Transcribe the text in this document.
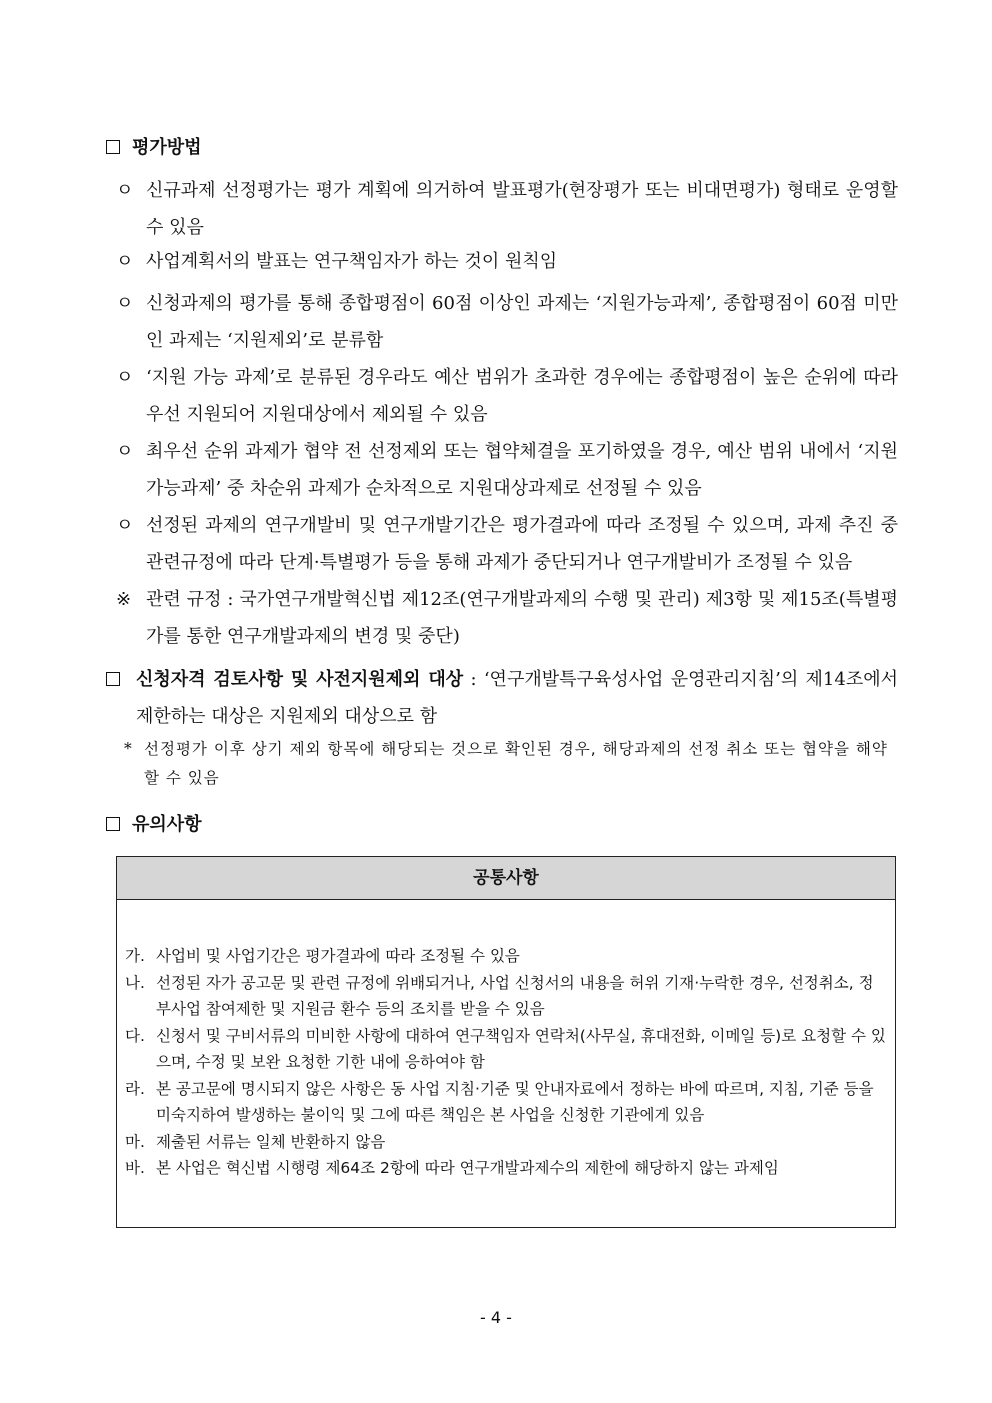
평가방법
ㅇ 신규과제 선정평가는 평가 계획에 의거하여 발표평가(현장평가 또는 비대면평가) 형태로 운영할 수 있음
ㅇ 사업계획서의 발표는 연구책임자가 하는 것이 원칙임
ㅇ 신청과제의 평가를 통해 종합평점이 60점 이상인 과제는 ‘지원가능과제’, 종합평점이 60점 미만인 과제는 ‘지원제외’로 분류함
ㅇ ‘지원 가능 과제’로 분류된 경우라도 예산 범위가 초과한 경우에는 종합평점이 높은 순위에 따라 우선 지원되어 지원대상에서 제외될 수 있음
ㅇ 최우선 순위 과제가 협약 전 선정제외 또는 협약체결을 포기하였을 경우, 예산 범위 내에서 ‘지원가능과제’ 중 차순위 과제가 순차적으로 지원대상과제로 선정될 수 있음
ㅇ 선정된 과제의 연구개발비 및 연구개발기간은 평가결과에 따라 조정될 수 있으며, 과제 추진 중 관련규정에 따라 단계·특별평가 등을 통해 과제가 중단되거나 연구개발비가 조정될 수 있음
※ 관련 규정 : 국가연구개발혁신법 제12조(연구개발과제의 수행 및 관리) 제3항 및 제15조(특별평가를 통한 연구개발과제의 변경 및 중단)
신청자격 검토사항 및 사전지원제외 대상 : ‘연구개발특구육성사업 운영관리지침’의 제14조에서 제한하는 대상은 지원제외 대상으로 함
* 선정평가 이후 상기 제외 항목에 해당되는 것으로 확인된 경우, 해당과제의 선정 취소 또는 협약을 해약할 수 있음
유의사항
공통사항
가. 사업비 및 사업기간은 평가결과에 따라 조정될 수 있음
나. 선정된 자가 공고문 및 관련 규정에 위배되거나, 사업 신청서의 내용을 허위 기재·누락한 경우, 선정취소, 정부사업 참여제한 및 지원금 환수 등의 조치를 받을 수 있음
다. 신청서 및 구비서류의 미비한 사항에 대하여 연구책임자 연락처(사무실, 휴대전화, 이메일 등)로 요청할 수 있으며, 수정 및 보완 요청한 기한 내에 응하여야 함
라. 본 공고문에 명시되지 않은 사항은 동 사업 지침·기준 및 안내자료에서 정하는 바에 따르며, 지침, 기준 등을 미숙지하여 발생하는 불이익 및 그에 따른 책임은 본 사업을 신청한 기관에게 있음
마. 제출된 서류는 일체 반환하지 않음
바. 본 사업은 혁신법 시행령 제64조 2항에 따라 연구개발과제수의 제한에 해당하지 않는 과제임
- 4 -
